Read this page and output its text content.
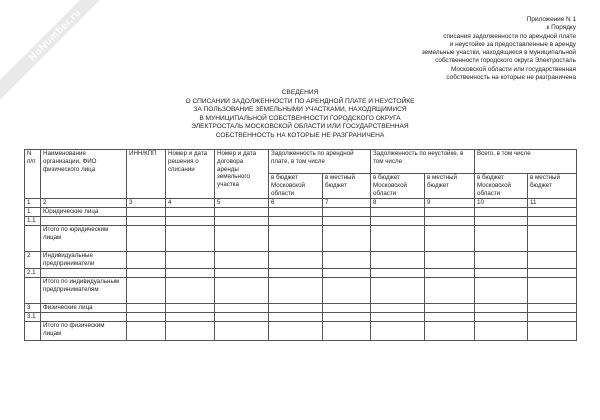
NoNumber.ru	Приложение N 1
к Порядку
списания задолженности по арендной плате
и неустойке за предоставленные в аренду
земельные участки, находящиеся в муниципальной
собственности городского округа Электросталь
Московской области или государственная
собственность на которые не разграничена
СВЕДЕНИЯ
О СПИСАНИИ ЗАДОЛЖЕННОСТИ ПО АРЕНДНОЙ ПЛАТЕ И НЕУСТОЙКЕ
ЗА ПОЛЬЗОВАНИЕ ЗЕМЕЛЬНЫМИ УЧАСТКАМИ, НАХОДЯЩИМИСЯ
В МУНИЦИПАЛЬНОЙ СОБСТВЕННОСТИ ГОРОДСКОГО ОКРУГА
ЭЛЕКТРОСТАЛЬ МОСКОВСКОЙ ОБЛАСТИ ИЛИ ГОСУДАРСТВЕННАЯ
СОБСТВЕННОСТЬ НА КОТОРЫЕ НЕ РАЗГРАНИЧЕНА
N п/п	Наименование организации, ФИО физического лица	ИНН/КПП	Номер и дата решения о списании	Номер и дата договора аренды земельного участка	Задолженность по арендной плате, в том числе		Задолженность по неустойке, в том числе		Всего, в том числе	
					в бюджет Московской области	в местный бюджет	в бюджет Московской области	в местный бюджет	в бюджет Московской области	в местный бюджет
1	2	3	4	5	6	7	8	9	10	11
1	Юридические лица									
1.1										
	Итого по юридическим лицам									
2	Индивидуальные предприниматели									
2.1										
	Итого по индивидуальным предпринимателям									
3	Физические лица									
3.1										
	Итого по физическим лицам									
